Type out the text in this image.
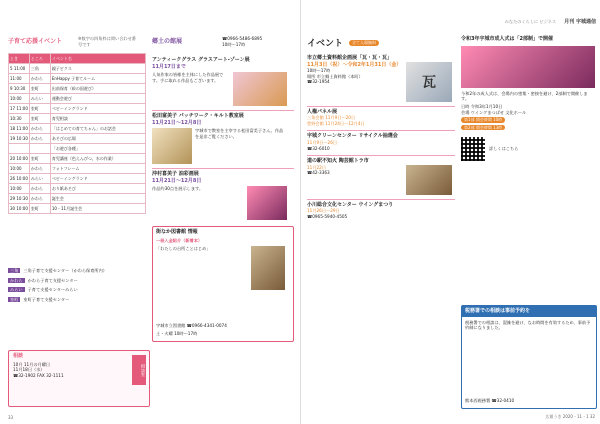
子育て応援イベント	※数字の四角枠は問い合わせ番号です
とき	ところ	イベント名
5 11:00	三角	親子ビクス
11:00	かわら	EnHappy 子育てルーム
9 10:30	室町	出前保育（絵の国遊び）
10:00	みらい	運動会遊び
17 11:00	室町	ベビーイングランド
10:30	室町	育児相談
18 11:00	かわら	「はじめての育てちゃん」のお話会
19 10:30	かわら	あそびの広場
		「お遊び各種」
20 10:00	室町	育児講座（色えんぴつ、水の作業）
10:00	かわら	フォトフレーム
26 10:00	みらい	ベビーイングランド
10:00	かわら	おり紙あそび
29 10:30	かわら	誕生会
30 10:00	室町	10・11月誕生会
三角 三角子育て支援センター（かわら保育所内）
かわら かわら子育て支援センター
みらい 子育て支援センターみらい
室町 室町子育て支援センター
相談
10月 11月の月曜日
11月18日（水）
☎32-1902 FAX 32-1111	相談室
郷土の館展	☎0966-5486-6895
10時〜17時
アンティークグラス グラスアート-ゾーン展
11月17日まで
人気作家の皆様を主体にした作品展です。手に取れる作品もございます。
松田富美子 パッチワーク・キルト教室展
11月21日〜12月8日
宇城市で教室を主宰する松田富美子さん。作品を是非ご覧ください。
沖村喜美子 油彩画展
11月21日〜12月8日
作品約30点を展示します。
街なか図書館 情報
一冊入金紹介（新着本）
「わたしの台所ことはじめ」
宇城市立図書館 ☎0966-4341-0074
土・火曜 10時〜17時
33
みなたのくらしに ビジネス 月刊 宇城通信
イベント	全て入場無料
市立郷土資料館企画展「瓦・瓦・瓦」
11月3日（祝）〜令和2年1月31日（金）
10時〜17時
場所 市立郷土資料館（本町）
☎32-1954	瓦
人権パネル展
三角会館 11月9日〜20日
豊野会館 11月24日〜12月4日
宇城クリーンセンター リサイクル抽選会
11月9日〜26日
☎32-6010
道の駅不知火 陶芸館トラ市
11月22日
☎42-3363
小川総合文化センター ウイングまつり
11月26日〜29日
☎0965-5940-4505
令和3年宇城市成人式は「2部制」で開催
今和2年の成人式は、会場内の密集・密接を避け、2部制で開催します。
日時 令和3年1月10日
会場 ウイングまつばせ 文化ホール
第1部 開会時間 10時
第2部 開会時間 13時
詳しくはこちら
税務署での相談は事前予約を
税務署での相談は、混雑を避け、なお時間を有効するため、事前予約制になりました。
熊本西税務署 ☎32-0410
広報うき 2020・11・1 32
